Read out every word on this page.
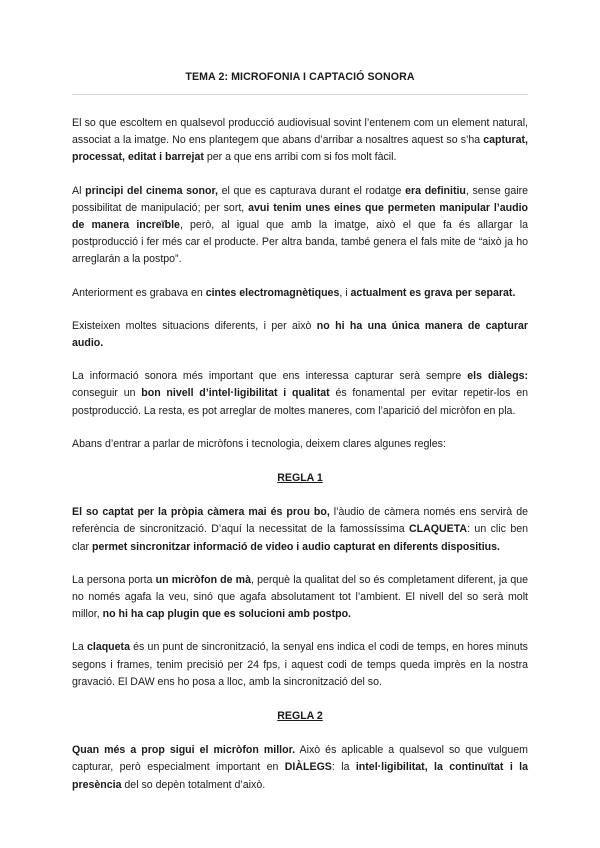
TEMA 2: MICROFONIA I CAPTACIÓ SONORA

El so que escoltem en qualsevol producció audiovisual sovint l’entenem com un element natural, associat a la imatge. No ens plantegem que abans d’arribar a nosaltres aquest so s’ha capturat, processat, editat i barrejat per a que ens arribi com si fos molt fàcil.

Al principi del cinema sonor, el que es capturava durant el rodatge era definitiu, sense gaire possibilitat de manipulació; per sort, avui tenim unes eines que permeten manipular l’audio de manera increïble, però, al igual que amb la imatge, això el que fa és allargar la postproducció i fer més car el producte. Per altra banda, també genera el fals mite de “això ja ho arreglarán a la postpo”.

Anteriorment es grabava en cintes electromagnètiques, i actualment es grava per separat.

Existeixen moltes situacions diferents, i per això no hi ha una única manera de capturar audio.

La informació sonora més important que ens interessa capturar serà sempre els diàlegs: conseguir un bon nivell d’intel·ligibilitat i qualitat és fonamental per evitar repetir-los en postproducció. La resta, es pot arreglar de moltes maneres, com l’aparició del micròfon en pla.

Abans d’entrar a parlar de micròfons i tecnologia, deixem clares algunes regles:

REGLA 1

El so captat per la pròpia càmera mai és prou bo, l’àudio de càmera només ens servirà de referència de sincronització. D’aquí la necessitat de la famossíssima CLAQUETA: un clic ben clar permet sincronitzar informació de video i audio capturat en diferents dispositius.

La persona porta un micròfon de mà, perquè la qualitat del so és completament diferent, ja que no només agafa la veu, sinó que agafa absolutament tot l’ambient. El nivell del so serà molt millor, no hi ha cap plugin que es solucioni amb postpo.

La claqueta és un punt de sincronització, la senyal ens indica el codi de temps, en hores minuts segons i frames, tenim precisió per 24 fps, i aquest codi de temps queda imprès en la nostra gravació. El DAW ens ho posa a lloc, amb la sincronització del so.

REGLA 2

Quan més a prop sigui el micròfon millor. Això és aplicable a qualsevol so que vulguem capturar, però especialment important en DIÀLEGS: la intel·ligibilitat, la continuïtat i la presència del so depèn totalment d’això.
